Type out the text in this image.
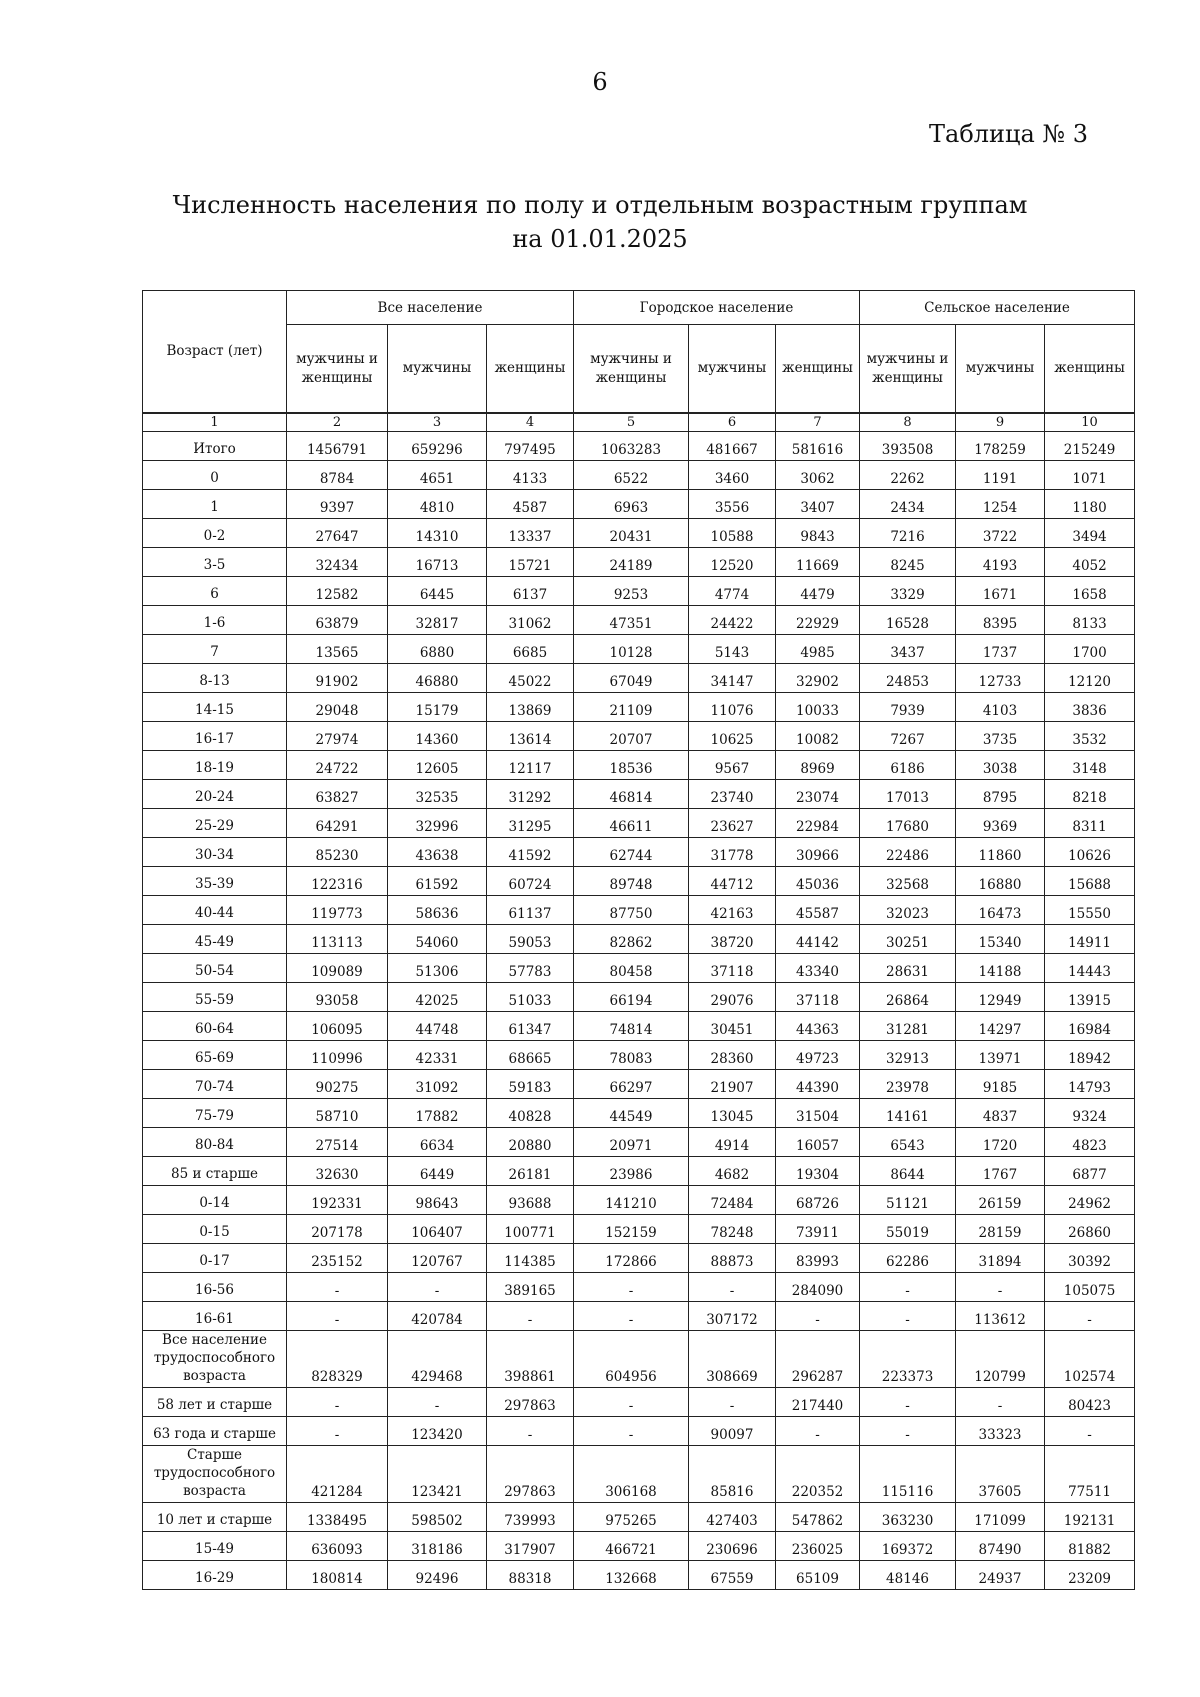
6
Таблица № 3
Численность населения по полу и отдельным возрастным группам
на 01.01.2025
Возраст (лет)	Все население			Городское население			Сельское население		
	мужчины и женщины	мужчины	женщины	мужчины и женщины	мужчины	женщины	мужчины и женщины	мужчины	женщины
1	2	3	4	5	6	7	8	9	10
Итого	1456791	659296	797495	1063283	481667	581616	393508	178259	215249
0	8784	4651	4133	6522	3460	3062	2262	1191	1071
1	9397	4810	4587	6963	3556	3407	2434	1254	1180
0-2	27647	14310	13337	20431	10588	9843	7216	3722	3494
3-5	32434	16713	15721	24189	12520	11669	8245	4193	4052
6	12582	6445	6137	9253	4774	4479	3329	1671	1658
1-6	63879	32817	31062	47351	24422	22929	16528	8395	8133
7	13565	6880	6685	10128	5143	4985	3437	1737	1700
8-13	91902	46880	45022	67049	34147	32902	24853	12733	12120
14-15	29048	15179	13869	21109	11076	10033	7939	4103	3836
16-17	27974	14360	13614	20707	10625	10082	7267	3735	3532
18-19	24722	12605	12117	18536	9567	8969	6186	3038	3148
20-24	63827	32535	31292	46814	23740	23074	17013	8795	8218
25-29	64291	32996	31295	46611	23627	22984	17680	9369	8311
30-34	85230	43638	41592	62744	31778	30966	22486	11860	10626
35-39	122316	61592	60724	89748	44712	45036	32568	16880	15688
40-44	119773	58636	61137	87750	42163	45587	32023	16473	15550
45-49	113113	54060	59053	82862	38720	44142	30251	15340	14911
50-54	109089	51306	57783	80458	37118	43340	28631	14188	14443
55-59	93058	42025	51033	66194	29076	37118	26864	12949	13915
60-64	106095	44748	61347	74814	30451	44363	31281	14297	16984
65-69	110996	42331	68665	78083	28360	49723	32913	13971	18942
70-74	90275	31092	59183	66297	21907	44390	23978	9185	14793
75-79	58710	17882	40828	44549	13045	31504	14161	4837	9324
80-84	27514	6634	20880	20971	4914	16057	6543	1720	4823
85 и старше	32630	6449	26181	23986	4682	19304	8644	1767	6877
0-14	192331	98643	93688	141210	72484	68726	51121	26159	24962
0-15	207178	106407	100771	152159	78248	73911	55019	28159	26860
0-17	235152	120767	114385	172866	88873	83993	62286	31894	30392
16-56	-	-	389165	-	-	284090	-	-	105075
16-61	-	420784	-	-	307172	-	-	113612	-
Все население трудоспособного возраста	828329	429468	398861	604956	308669	296287	223373	120799	102574
58 лет и старше	-	-	297863	-	-	217440	-	-	80423
63 года и старше	-	123420	-	-	90097	-	-	33323	-
Старше трудоспособного возраста	421284	123421	297863	306168	85816	220352	115116	37605	77511
10 лет и старше	1338495	598502	739993	975265	427403	547862	363230	171099	192131
15-49	636093	318186	317907	466721	230696	236025	169372	87490	81882
16-29	180814	92496	88318	132668	67559	65109	48146	24937	23209
